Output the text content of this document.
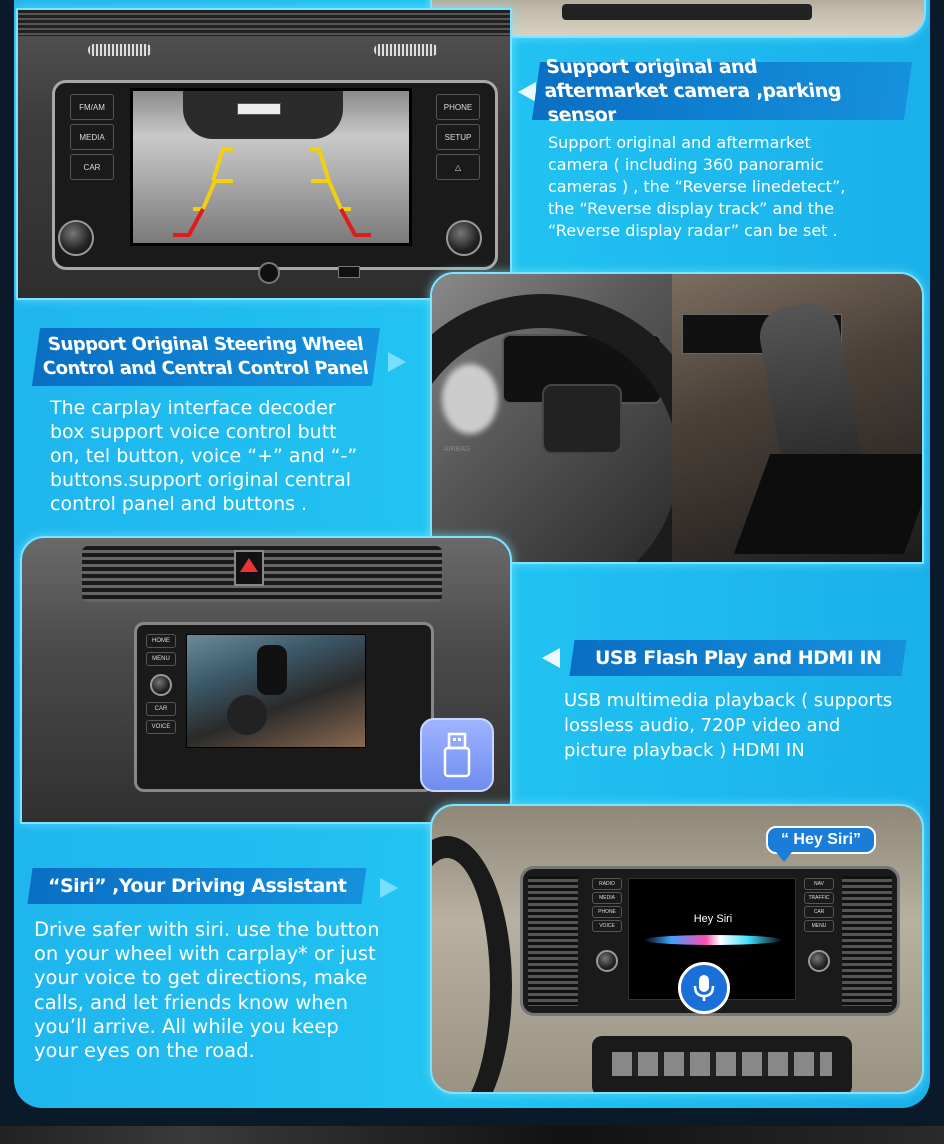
FM/AM
MEDIA
CAR
PHONE
SETUP
△
Support original and
aftermarket camera ,parking sensor
Support original and aftermarket
camera ( including 360 panoramic
cameras ) , the “Reverse linedetect”,
the “Reverse display track” and the
“Reverse display radar” can be set .
AIRBAG
Support Original Steering Wheel
Control and Central Control Panel
The carplay interface decoder
box support voice control butt
on, tel button, voice “+” and “-”
buttons.support original central
control panel and buttons .
HOME
MENU
CAR
VOICE
USB Flash Play and HDMI IN
USB multimedia playback ( supports
lossless audio, 720P video and
picture playback ) HDMI IN
RADIO
MEDIA
PHONE
VOICE
NAV
TRAFFIC
CAR
MENU
Hey Siri
“ Hey Siri”
“Siri” ,Your Driving Assistant
Drive safer with siri. use the button
on your wheel with carplay* or just
your voice to get directions, make
calls, and let friends know when
you’ll arrive. All while you keep
your eyes on the road.
